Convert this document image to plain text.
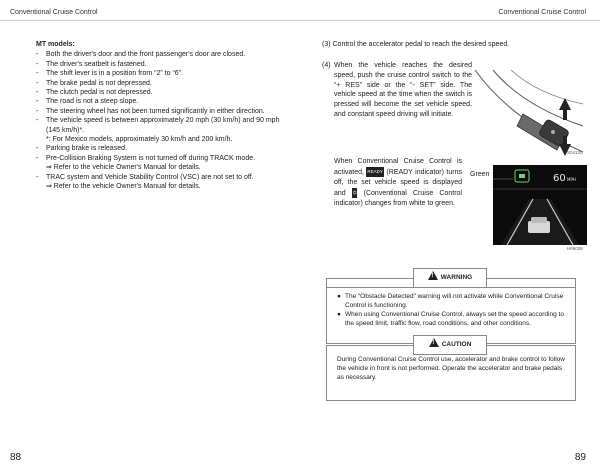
Conventional Cruise Control	Conventional Cruise Control
MT models:
- Both the driver's door and the front passenger's door are closed.
- The driver's seatbelt is fastened.
- The shift lever is in a position from “2” to “6”.
- The brake pedal is not depressed.
- The clutch pedal is not depressed.
- The road is not a steep slope.
- The steering wheel has not been turned significantly in either direction.
- The vehicle speed is between approximately 20 mph (30 km/h) and 90 mph (145 km/h)*.
*: For Mexico models, approximately 30 km/h and 200 km/h.
- Parking brake is released.
- Pre-Collision Braking System is not turned off during TRACK mode.
⇒ Refer to the vehicle Owner's Manual for details.
- TRAC system and Vehicle Stability Control (VSC) are not set to off.
⇒ Refer to the vehicle Owner's Manual for details.
(3) Control the accelerator pedal to reach the desired speed.
(4) When the vehicle reaches the desired speed, push the cruise control switch to the “+ RES” side or the “- SET” side. The vehicle speed at the time when the switch is pressed will become the set vehicle speed, and constant speed driving will initiate.
S04120
When Conventional Cruise Control is activated, READY (READY indicator) turns off, the set vehicle speed is displayed and ⛭ (Conventional Cruise Control indicator) changes from white to green.
Green	60 MPH
H06038
!WARNING
● The “Obstacle Detected” warning will not activate while Conventional Cruise Control is functioning.
● When using Conventional Cruise Control, always set the speed according to the speed limit, traffic flow, road conditions, and other conditions.
!CAUTION
During Conventional Cruise Control use, accelerator and brake control to follow the vehicle in front is not performed. Operate the accelerator and brake pedals as necessary.
88	89
